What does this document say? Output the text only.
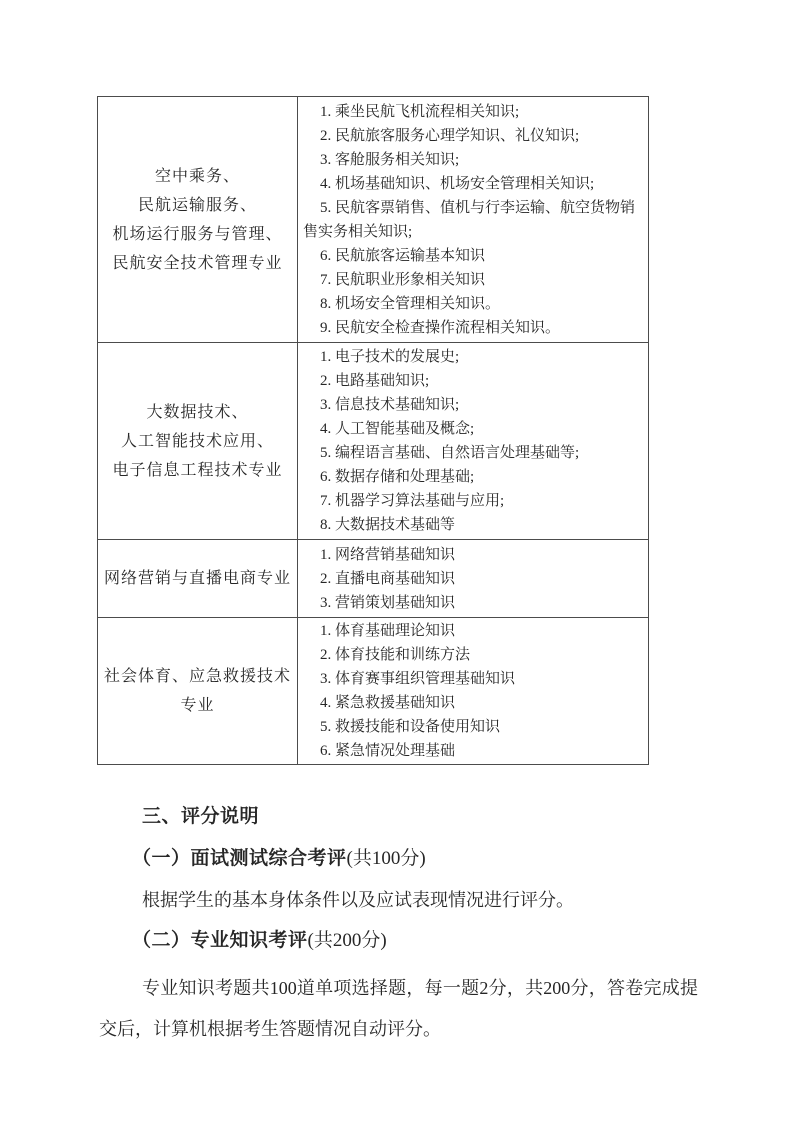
空中乘务、
民航运输服务、
机场运行服务与管理、
民航安全技术管理专业

1. 乘坐民航飞机流程相关知识;

2. 民航旅客服务心理学知识、礼仪知识;

3. 客舱服务相关知识;

4. 机场基础知识、机场安全管理相关知识;

5. 民航客票销售、值机与行李运输、航空货物销售实务相关知识;

6. 民航旅客运输基本知识

7. 民航职业形象相关知识

8. 机场安全管理相关知识。

9. 民航安全检查操作流程相关知识。

大数据技术、
人工智能技术应用、
电子信息工程技术专业

1. 电子技术的发展史;

2. 电路基础知识;

3. 信息技术基础知识;

4. 人工智能基础及概念;

5. 编程语言基础、自然语言处理基础等;

6. 数据存储和处理基础;

7. 机器学习算法基础与应用;

8. 大数据技术基础等

网络营销与直播电商专业

1. 网络营销基础知识

2. 直播电商基础知识

3. 营销策划基础知识

社会体育、应急救援技术
专业

1. 体育基础理论知识

2. 体育技能和训练方法

3. 体育赛事组织管理基础知识

4. 紧急救援基础知识

5. 救援技能和设备使用知识

6. 紧急情况处理基础

三、评分说明

（一）面试测试综合考评(共100分)

根据学生的基本身体条件以及应试表现情况进行评分。

（二）专业知识考评(共200分)

专业知识考题共100道单项选择题，每一题2分，共200分，答卷完成提交后，计算机根据考生答题情况自动评分。
